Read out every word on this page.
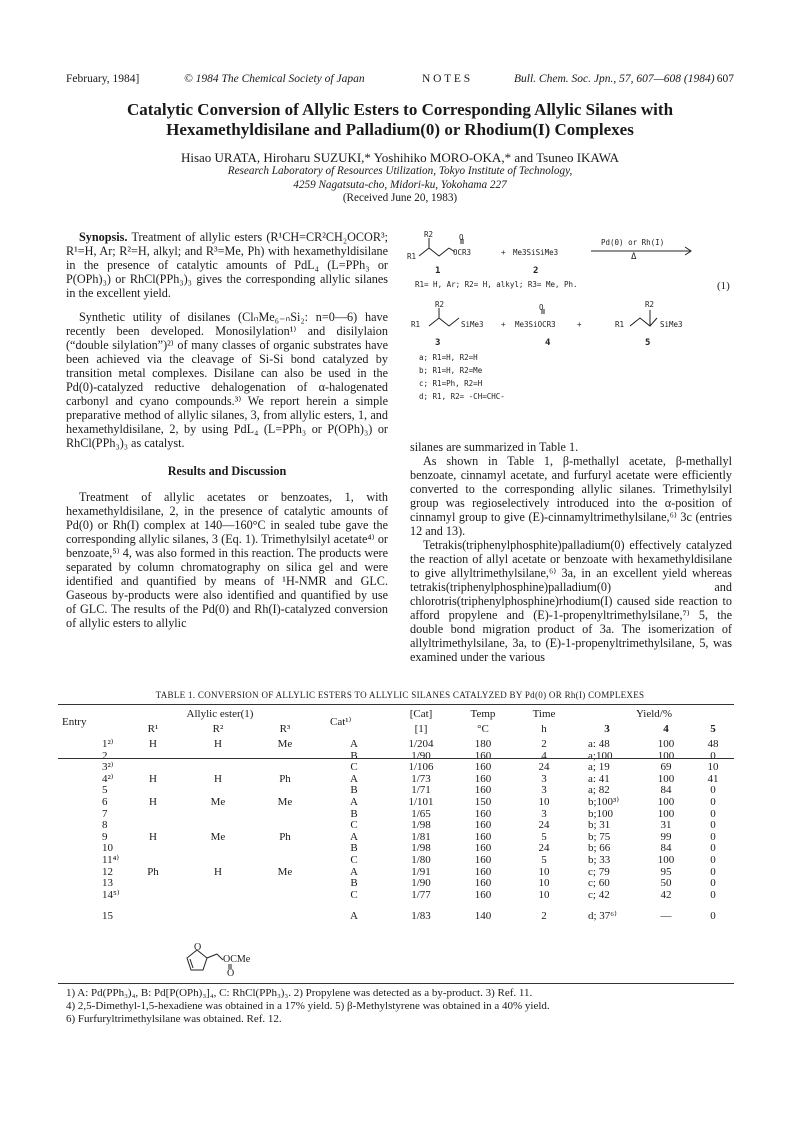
February, 1984]	© 1984 The Chemical Society of Japan	N O T E S	Bull. Chem. Soc. Jpn., 57, 607—608 (1984) 607
Catalytic Conversion of Allylic Esters to Corresponding Allylic Silanes with Hexamethyldisilane and Palladium(0) or Rhodium(I) Complexes
Hisao URATA, Hiroharu SUZUKI,* Yoshihiko MORO-OKA,* and Tsuneo IKAWA
Research Laboratory of Resources Utilization, Tokyo Institute of Technology,
4259 Nagatsuta-cho, Midori-ku, Yokohama 227
(Received June 20, 1983)

Synopsis. Treatment of allylic esters (R¹CH=CR²CH₂OCOR³; R¹=H, Ar; R²=H, alkyl; and R³=Me, Ph) with hexamethyldisilane in the presence of catalytic amounts of PdL₄ (L=PPh₃ or P(OPh)₃) or RhCl(PPh₃)₃ gives the corresponding allylic silanes in the excellent yield.

Synthetic utility of disilanes (ClₙMe₆₋ₙSi₂: n=0—6) have recently been developed. Monosilylation¹⁾ and disilylaion (“double silylation”)²⁾ of many classes of organic substrates have been achieved via the cleavage of Si-Si bond catalyzed by transition metal complexes. Disilane can also be used in the Pd(0)-catalyzed reductive dehalogenation of α-halogenated carbonyl and cyano compounds.³⁾ We report herein a simple preparative method of allylic silanes, 3, from allylic esters, 1, and hexamethyldisilane, 2, by using PdL₄ (L=PPh₃ or P(OPh)₃) or RhCl(PPh₃)₃ as catalyst.

Results and Discussion

Treatment of allylic acetates or benzoates, 1, with hexamethyldisilane, 2, in the presence of catalytic amounts of Pd(0) or Rh(I) complex at 140—160°C in sealed tube gave the corresponding allylic silanes, 3 (Eq. 1). Trimethylsilyl acetate⁴⁾ or benzoate,⁵⁾ 4, was also formed in this reaction. The products were separated by column chromatography on silica gel and were identified and quantified by means of ¹H-NMR and GLC. Gaseous by-products were also identified and quantified by use of GLC. The results of the Pd(0) and Rh(I)-catalyzed conversion of allylic esters to allylic

R2
R1
O
OCR3	+ Me3SiSiMe3
Pd(0) or Rh(I)
Δ
1	2
R1= H, Ar; R2= H, alkyl; R3= Me, Ph.	(1)
R2
R1	SiMe3 +
O
Me3SiOCR3	+	R1
R2
SiMe3
3	4	5
a; R1=H, R2=H
b; R1=H, R2=Me
c; R1=Ph, R2=H
d; R1, R2= -CH=CHC-

silanes are summarized in Table 1.

As shown in Table 1, β-methallyl acetate, β-methallyl benzoate, cinnamyl acetate, and furfuryl acetate were efficiently converted to the corresponding allylic silanes. Trimethylsilyl group was regioselectively introduced into the α-position of cinnamyl group to give (E)-cinnamyltrimethylsilane,⁶⁾ 3c (entries 12 and 13).

Tetrakis(triphenylphosphite)palladium(0) effectively catalyzed the reaction of allyl acetate or benzoate with hexamethyldisilane to give allyltrimethylsilane,⁶⁾ 3a, in an excellent yield whereas tetrakis(triphenylphosphine)palladium(0) and chlorotris(triphenylphosphine)rhodium(I) caused side reaction to afford propylene and (E)-1-propenyltrimethylsilane,⁷⁾ 5, the double bond migration product of 3a. The isomerization of allyltrimethylsilane, 3a, to (E)-1-propenyltrimethylsilane, 5, was examined under the various

TABLE 1. CONVERSION OF ALLYLIC ESTERS TO ALLYLIC SILANES CATALYZED BY Pd(0) OR Rh(I) COMPLEXES
Entry	Allylic ester(1)			Cat¹⁾	[Cat]	Temp	Time	Yield/%		
	R¹	R²	R³		[1]	°C	h	3	4	5
1²⁾	H	H	Me	A	1/204	180	2	a: 48	100	48
2				B	1/90	160	4	a;100	100	0
3²⁾				C	1/106	160	24	a; 19	69	10
4²⁾	H	H	Ph	A	1/73	160	3	a: 41	100	41
5				B	1/71	160	3	a; 82	84	0
6	H	Me	Me	A	1/101	150	10	b;100³⁾	100	0
7				B	1/65	160	3	b;100	100	0
8				C	1/98	160	24	b; 31	31	0
9	H	Me	Ph	A	1/81	160	5	b; 75	99	0
10				B	1/98	160	24	b; 66	84	0
11⁴⁾				C	1/80	160	5	b; 33	100	0
12	Ph	H	Me	A	1/91	160	10	c; 79	95	0
13				B	1/90	160	10	c; 60	50	0
14⁵⁾				C	1/77	160	10	c; 42	42	0
15				A	1/83	140	2	d; 37⁶⁾	—	0
O
OCMe
O
1) A: Pd(PPh₃)₄, B: Pd[P(OPh)₃]₄, C: RhCl(PPh₃)₃. 2) Propylene was detected as a by-product. 3) Ref. 11.
4) 2,5-Dimethyl-1,5-hexadiene was obtained in a 17% yield. 5) β-Methylstyrene was obtained in a 40% yield.
6) Furfuryltrimethylsilane was obtained. Ref. 12.
